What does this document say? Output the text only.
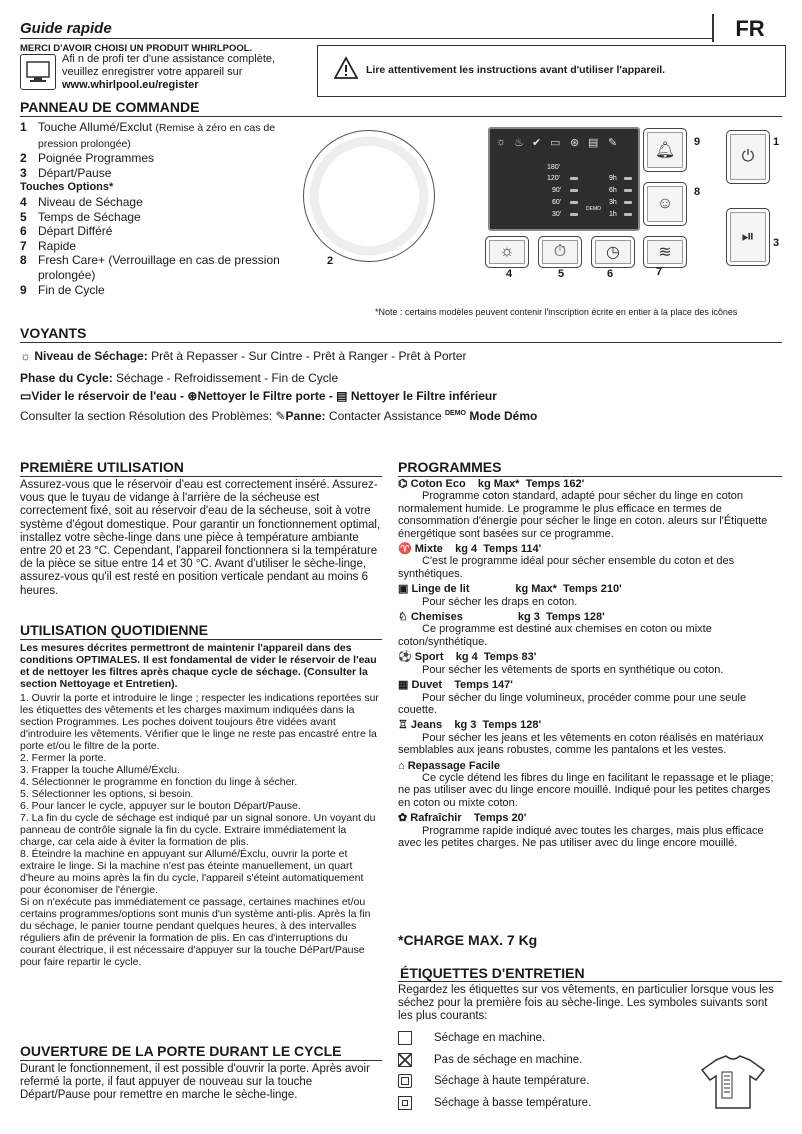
Guide rapide	FR
MERCI D'AVOIR CHOISI UN PRODUIT WHIRLPOOL.
Afi n de profi ter d'une assistance complète,
veuillez enregistrer votre appareil sur
www.whirlpool.eu/register
Lire attentivement les instructions avant d'utiliser l'appareil.
PANNEAU DE COMMANDE
1 Touche Allumé/Exclut (Remise à zéro en cas de pression prolongée)
2 Poignée Programmes
3 Départ/Pause
Touches Options*
4 Niveau de Séchage
5 Temps de Séchage
6 Départ Différé
7 Rapide
8 Fresh Care+ (Verrouillage en cas de pression prolongée)
9 Fin de Cycle
2
☼ ♨ ✔ ▭ ⊛ ▤ ✎
180'
120'
90'
60'
30'
9h
6h
3h
1h
DEMO
🔔︎
☺
⏻
⏯
☼ ⏱ ◷ ≋
9
8
1
3
4	5	6	7
*Note : certains modèles peuvent contenir l'inscription écrite en entier à la place des icônes
VOYANTS
☼ Niveau de Séchage: Prêt à Repasser - Sur Cintre - Prêt à Ranger - Prêt à Porter
Phase du Cycle: Séchage - Refroidissement - Fin de Cycle
▭Vider le réservoir de l'eau - ⊛Nettoyer le Filtre porte - ▤ Nettoyer le Filtre inférieur
Consulter la section Résolution des Problèmes: ✎Panne: Contacter Assistance $^{DEMO}$ Mode Démo
PREMIÈRE UTILISATION
Assurez-vous que le réservoir d'eau est correctement inséré. Assurez-vous que le tuyau de vidange à l'arrière de la sécheuse est correctement fixé, soit au réservoir d'eau de la sécheuse, soit à votre système d'égout domestique. Pour garantir un fonctionnement optimal, installez votre sèche-linge dans une pièce à température ambiante entre 20 et 23 °C. Cependant, l'appareil fonctionnera si la température de la pièce se situe entre 14 et 30 °C. Avant d'utiliser le sèche-linge, assurez-vous qu'il est resté en position verticale pendant au moins 6 heures.
UTILISATION QUOTIDIENNE

Les mesures décrites permettront de maintenir l'appareil dans des conditions OPTIMALES. Il est fondamental de vider le réservoir de l'eau et de nettoyer les filtres après chaque cycle de séchage. (Consulter la section Nettoyage et Entretien).

1. Ouvrir la porte et introduire le linge ; respecter les indications reportées sur les étiquettes des vêtements et les charges maximum indiquées dans la section Programmes. Les poches doivent toujours être vidées avant d'introduire les vêtements. Vérifier que le linge ne reste pas encastré entre la porte et/ou le filtre de la porte.

2. Fermer la porte.

3. Frapper la touche Allumé/Éxclu.

4. Sélectionner le programme en fonction du linge à sécher.

5. Sélectionner les options, si besoin.

6. Pour lancer le cycle, appuyer sur le bouton Départ/Pause.

7. La fin du cycle de séchage est indiqué par un signal sonore. Un voyant du panneau de contrôle signale la fin du cycle. Extraire immédiatement la charge, car cela aide à éviter la formation de plis.

8. Éteindre la machine en appuyant sur Allumé/Éxclu, ouvrir la porte et extraire le linge. Si la machine n'est pas éteinte manuellement, un quart d'heure au moins après la fin du cycle, l'appareil s'éteint automatiquement pour économiser de l'énergie.

Si on n'exécute pas immédiatement ce passage, certaines machines et/ou certains programmes/options sont munis d'un système anti-plis. Après la fin du séchage, le panier tourne pendant quelques heures, à des intervalles réguliers afin de prévenir la formation de plis. En cas d'interruptions du courant électrique, il est nécessaire d'appuyer sur la touche DéPart/Pause pour faire repartir le cycle.

OUVERTURE DE LA PORTE DURANT LE CYCLE
Durant le fonctionnement, il est possible d'ouvrir la porte. Après avoir refermé la porte, il faut appuyer de nouveau sur la touche Départ/Pause pour remettre en marche le sèche-linge.
PROGRAMMES
⌬ Coton Eco    kg Max*  Temps 162'

Programme coton standard, adapté pour sécher du linge en coton normalement humide. Le programme le plus efficace en termes de consommation d'énergie pour sécher le linge en coton. aleurs sur l'Étiquette énergétique sont basées sur ce programme.

♈ Mixte    kg 4  Temps 114'

C'est le programme idéal pour sécher ensemble du coton et des synthétiques.

▣ Linge de lit               kg Max*  Temps 210'

Pour sécher les draps en coton.

♘ Chemises                  kg 3  Temps 128'

Ce programme est destiné aux chemises en coton ou mixte coton/synthétique.

⚽ Sport    kg 4  Temps 83'

Pour sécher les vêtements de sports en synthétique ou coton.

▦ Duvet    Temps 147'

Pour sécher du linge volumineux, procéder comme pour une seule couette.

♖ Jeans    kg 3  Temps 128'

Pour sécher les jeans et les vêtements en coton réalisés en matériaux semblables aux jeans robustes, comme les pantalons et les vestes.

⌂ Repassage Facile

Ce cycle détend les fibres du linge en facilitant le repassage et le pliage; ne pas utiliser avec du linge encore mouillé. Indiqué pour les petites charges en coton ou mixte coton.

✿ Rafraîchir    Temps 20'

Programme rapide indiqué avec toutes les charges, mais plus efficace avec les petites charges. Ne pas utiliser avec du linge encore mouillé.

*CHARGE MAX. 7 Kg
ÉTIQUETTES D'ENTRETIEN
Regardez les étiquettes sur vos vêtements, en particulier lorsque vous les séchez pour la première fois au sèche-linge. Les symboles suivants sont les plus courants:
Séchage en machine.
Pas de séchage en machine.
Séchage à haute température.
Séchage à basse température.
